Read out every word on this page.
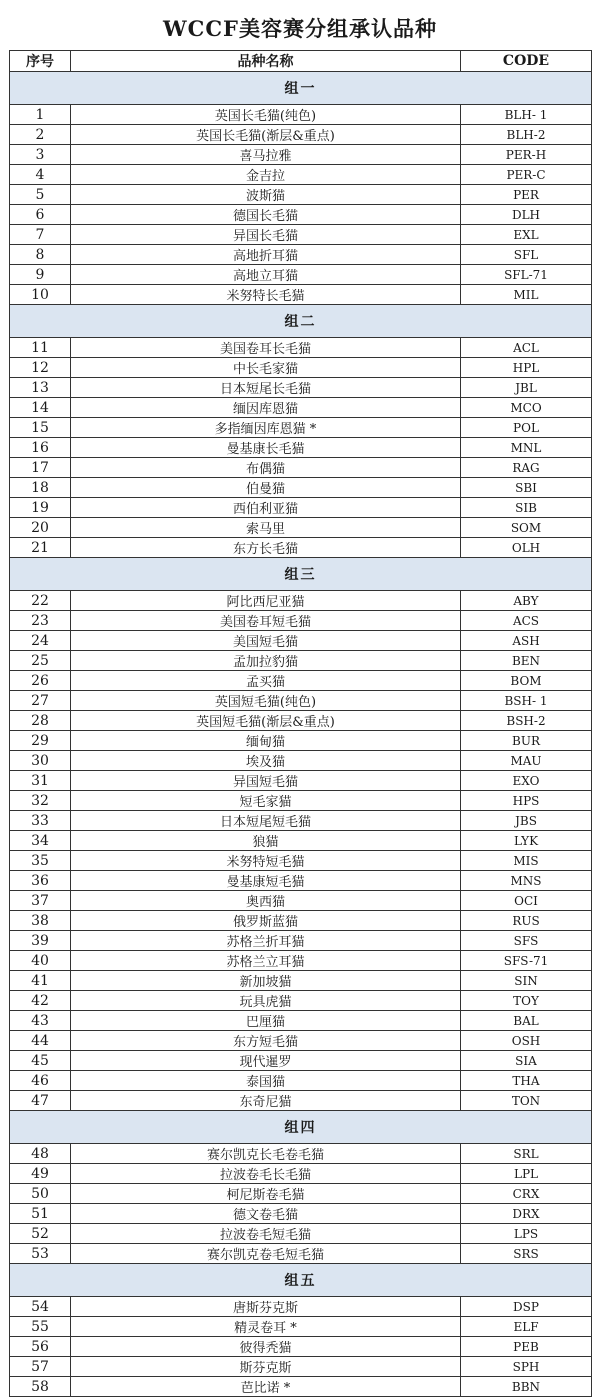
WCCF美容赛分组承认品种
序号	品种名称	CODE
组一		
1	英国长毛猫(纯色)	BLH- 1
2	英国长毛猫(渐层&重点)	BLH-2
3	喜马拉雅	PER-H
4	金吉拉	PER-C
5	波斯猫	PER
6	德国长毛猫	DLH
7	异国长毛猫	EXL
8	高地折耳猫	SFL
9	高地立耳猫	SFL-71
10	米努特长毛猫	MIL
组二		
11	美国卷耳长毛猫	ACL
12	中长毛家猫	HPL
13	日本短尾长毛猫	JBL
14	缅因库恩猫	MCO
15	多指缅因库恩猫 *	POL
16	曼基康长毛猫	MNL
17	布偶猫	RAG
18	伯曼猫	SBI
19	西伯利亚猫	SIB
20	索马里	SOM
21	东方长毛猫	OLH
组三		
22	阿比西尼亚猫	ABY
23	美国卷耳短毛猫	ACS
24	美国短毛猫	ASH
25	孟加拉豹猫	BEN
26	孟买猫	BOM
27	英国短毛猫(纯色)	BSH- 1
28	英国短毛猫(渐层&重点)	BSH-2
29	缅甸猫	BUR
30	埃及猫	MAU
31	异国短毛猫	EXO
32	短毛家猫	HPS
33	日本短尾短毛猫	JBS
34	狼猫	LYK
35	米努特短毛猫	MIS
36	曼基康短毛猫	MNS
37	奥西猫	OCI
38	俄罗斯蓝猫	RUS
39	苏格兰折耳猫	SFS
40	苏格兰立耳猫	SFS-71
41	新加坡猫	SIN
42	玩具虎猫	TOY
43	巴厘猫	BAL
44	东方短毛猫	OSH
45	现代暹罗	SIA
46	泰国猫	THA
47	东奇尼猫	TON
组四		
48	赛尔凯克长毛卷毛猫	SRL
49	拉波卷毛长毛猫	LPL
50	柯尼斯卷毛猫	CRX
51	德文卷毛猫	DRX
52	拉波卷毛短毛猫	LPS
53	赛尔凯克卷毛短毛猫	SRS
组五		
54	唐斯芬克斯	DSP
55	精灵卷耳 *	ELF
56	彼得秃猫	PEB
57	斯芬克斯	SPH
58	芭比诺 *	BBN
